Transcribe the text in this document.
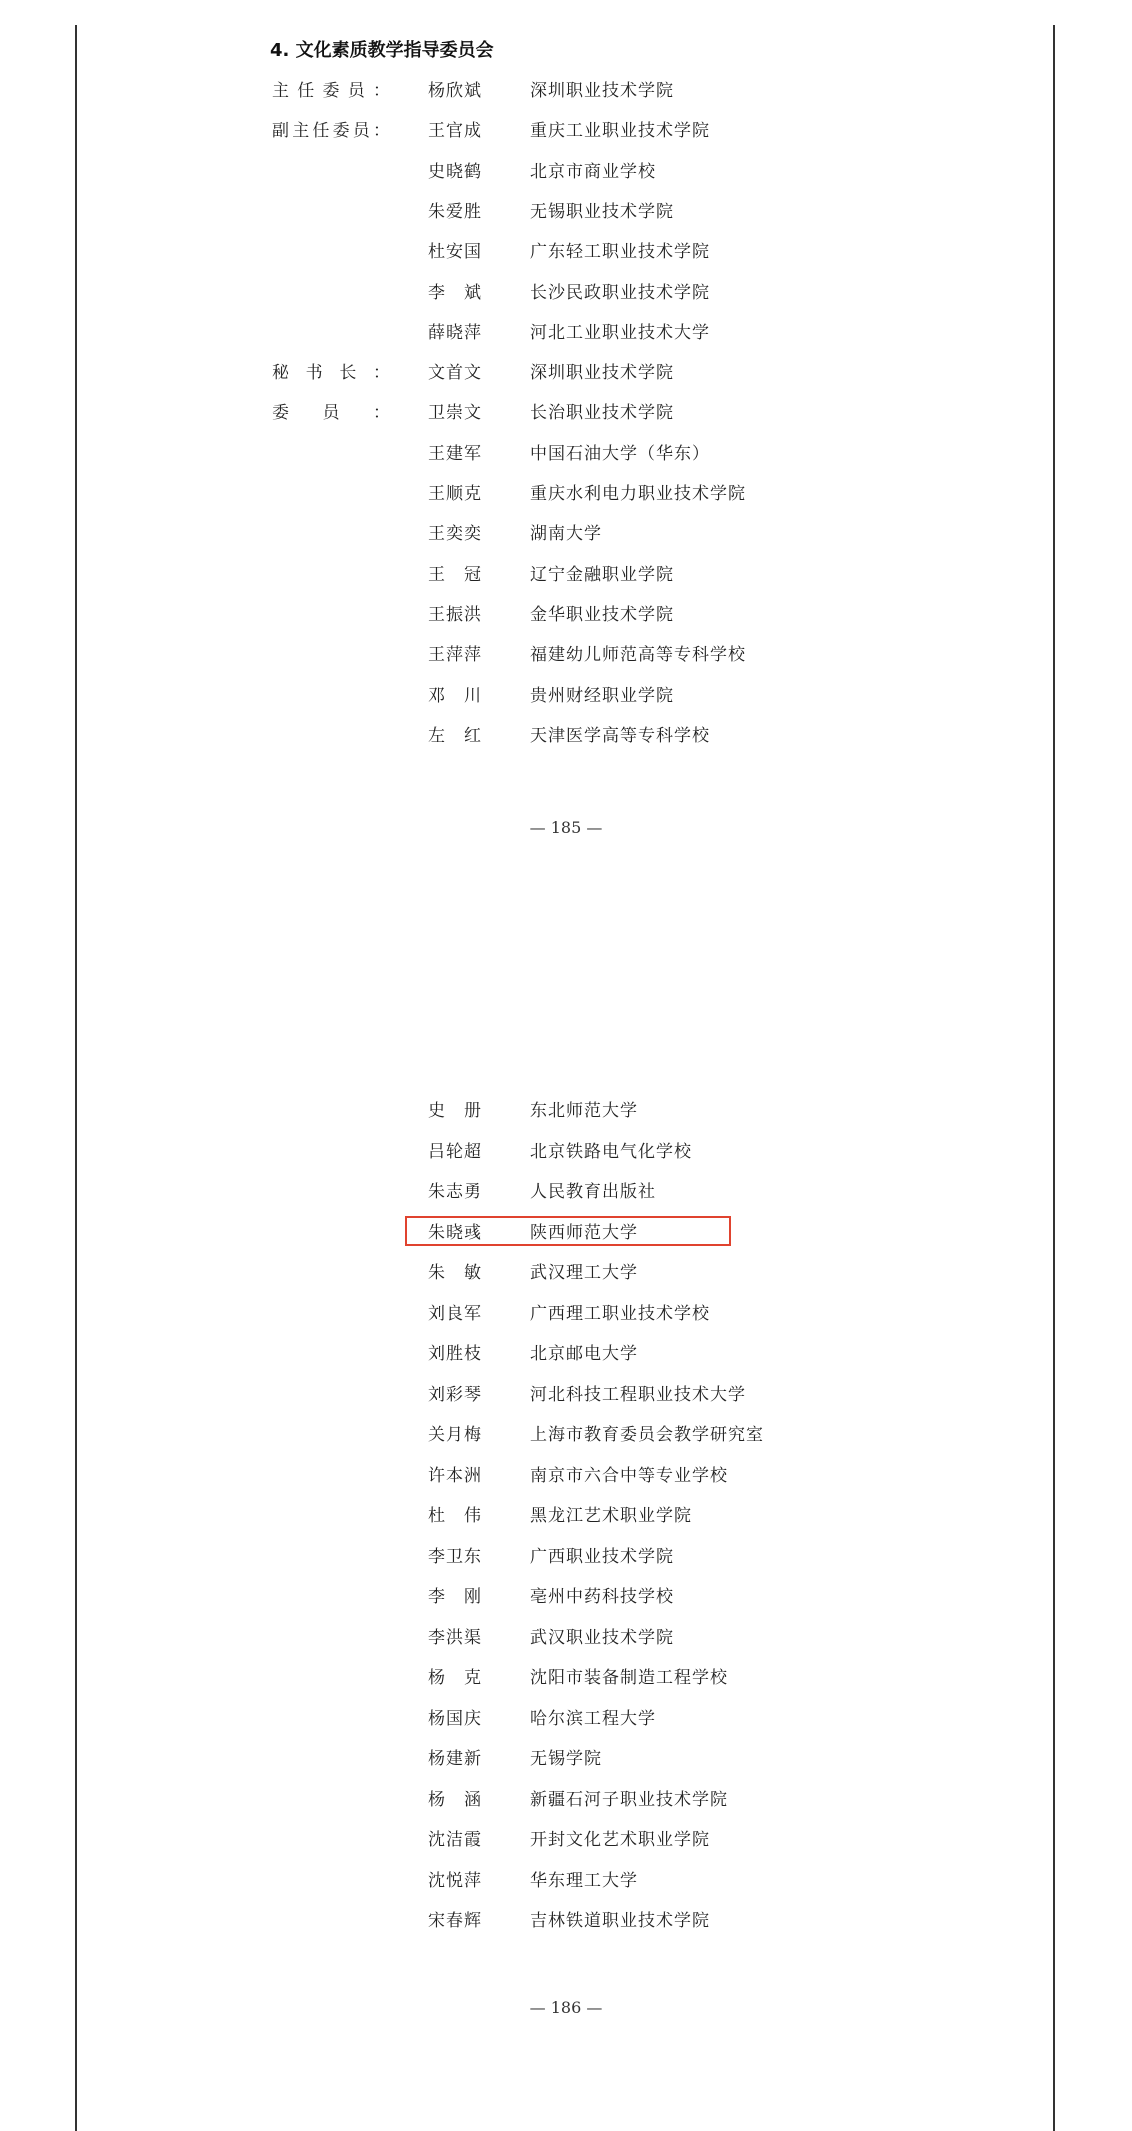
4. 文化素质教学指导委员会
主 任 委 员 ： 杨欣斌	深圳职业技术学院
副 主 任 委 员 ： 王官成	重庆工业职业技术学院
史晓鹤	北京市商业学校
朱爱胜	无锡职业技术学院
杜安国	广东轻工职业技术学院
李　斌	长沙民政职业技术学院
薛晓萍	河北工业职业技术大学
秘 书 长 ： 文首文	深圳职业技术学院
委 员 ： 卫崇文	长治职业技术学院
王建军	中国石油大学（华东）
王顺克	重庆水利电力职业技术学院
王奕奕	湖南大学
王　冠	辽宁金融职业学院
王振洪	金华职业技术学院
王萍萍	福建幼儿师范高等专科学校
邓　川	贵州财经职业学院
左　红	天津医学高等专科学校
— 185 —
史　册	东北师范大学
吕轮超	北京铁路电气化学校
朱志勇	人民教育出版社
朱晓彧	陕西师范大学
朱　敏	武汉理工大学
刘良军	广西理工职业技术学校
刘胜枝	北京邮电大学
刘彩琴	河北科技工程职业技术大学
关月梅	上海市教育委员会教学研究室
许本洲	南京市六合中等专业学校
杜　伟	黑龙江艺术职业学院
李卫东	广西职业技术学院
李　刚	亳州中药科技学校
李洪渠	武汉职业技术学院
杨　克	沈阳市装备制造工程学校
杨国庆	哈尔滨工程大学
杨建新	无锡学院
杨　涵	新疆石河子职业技术学院
沈洁霞	开封文化艺术职业学院
沈悦萍	华东理工大学
宋春辉	吉林铁道职业技术学院
— 186 —
